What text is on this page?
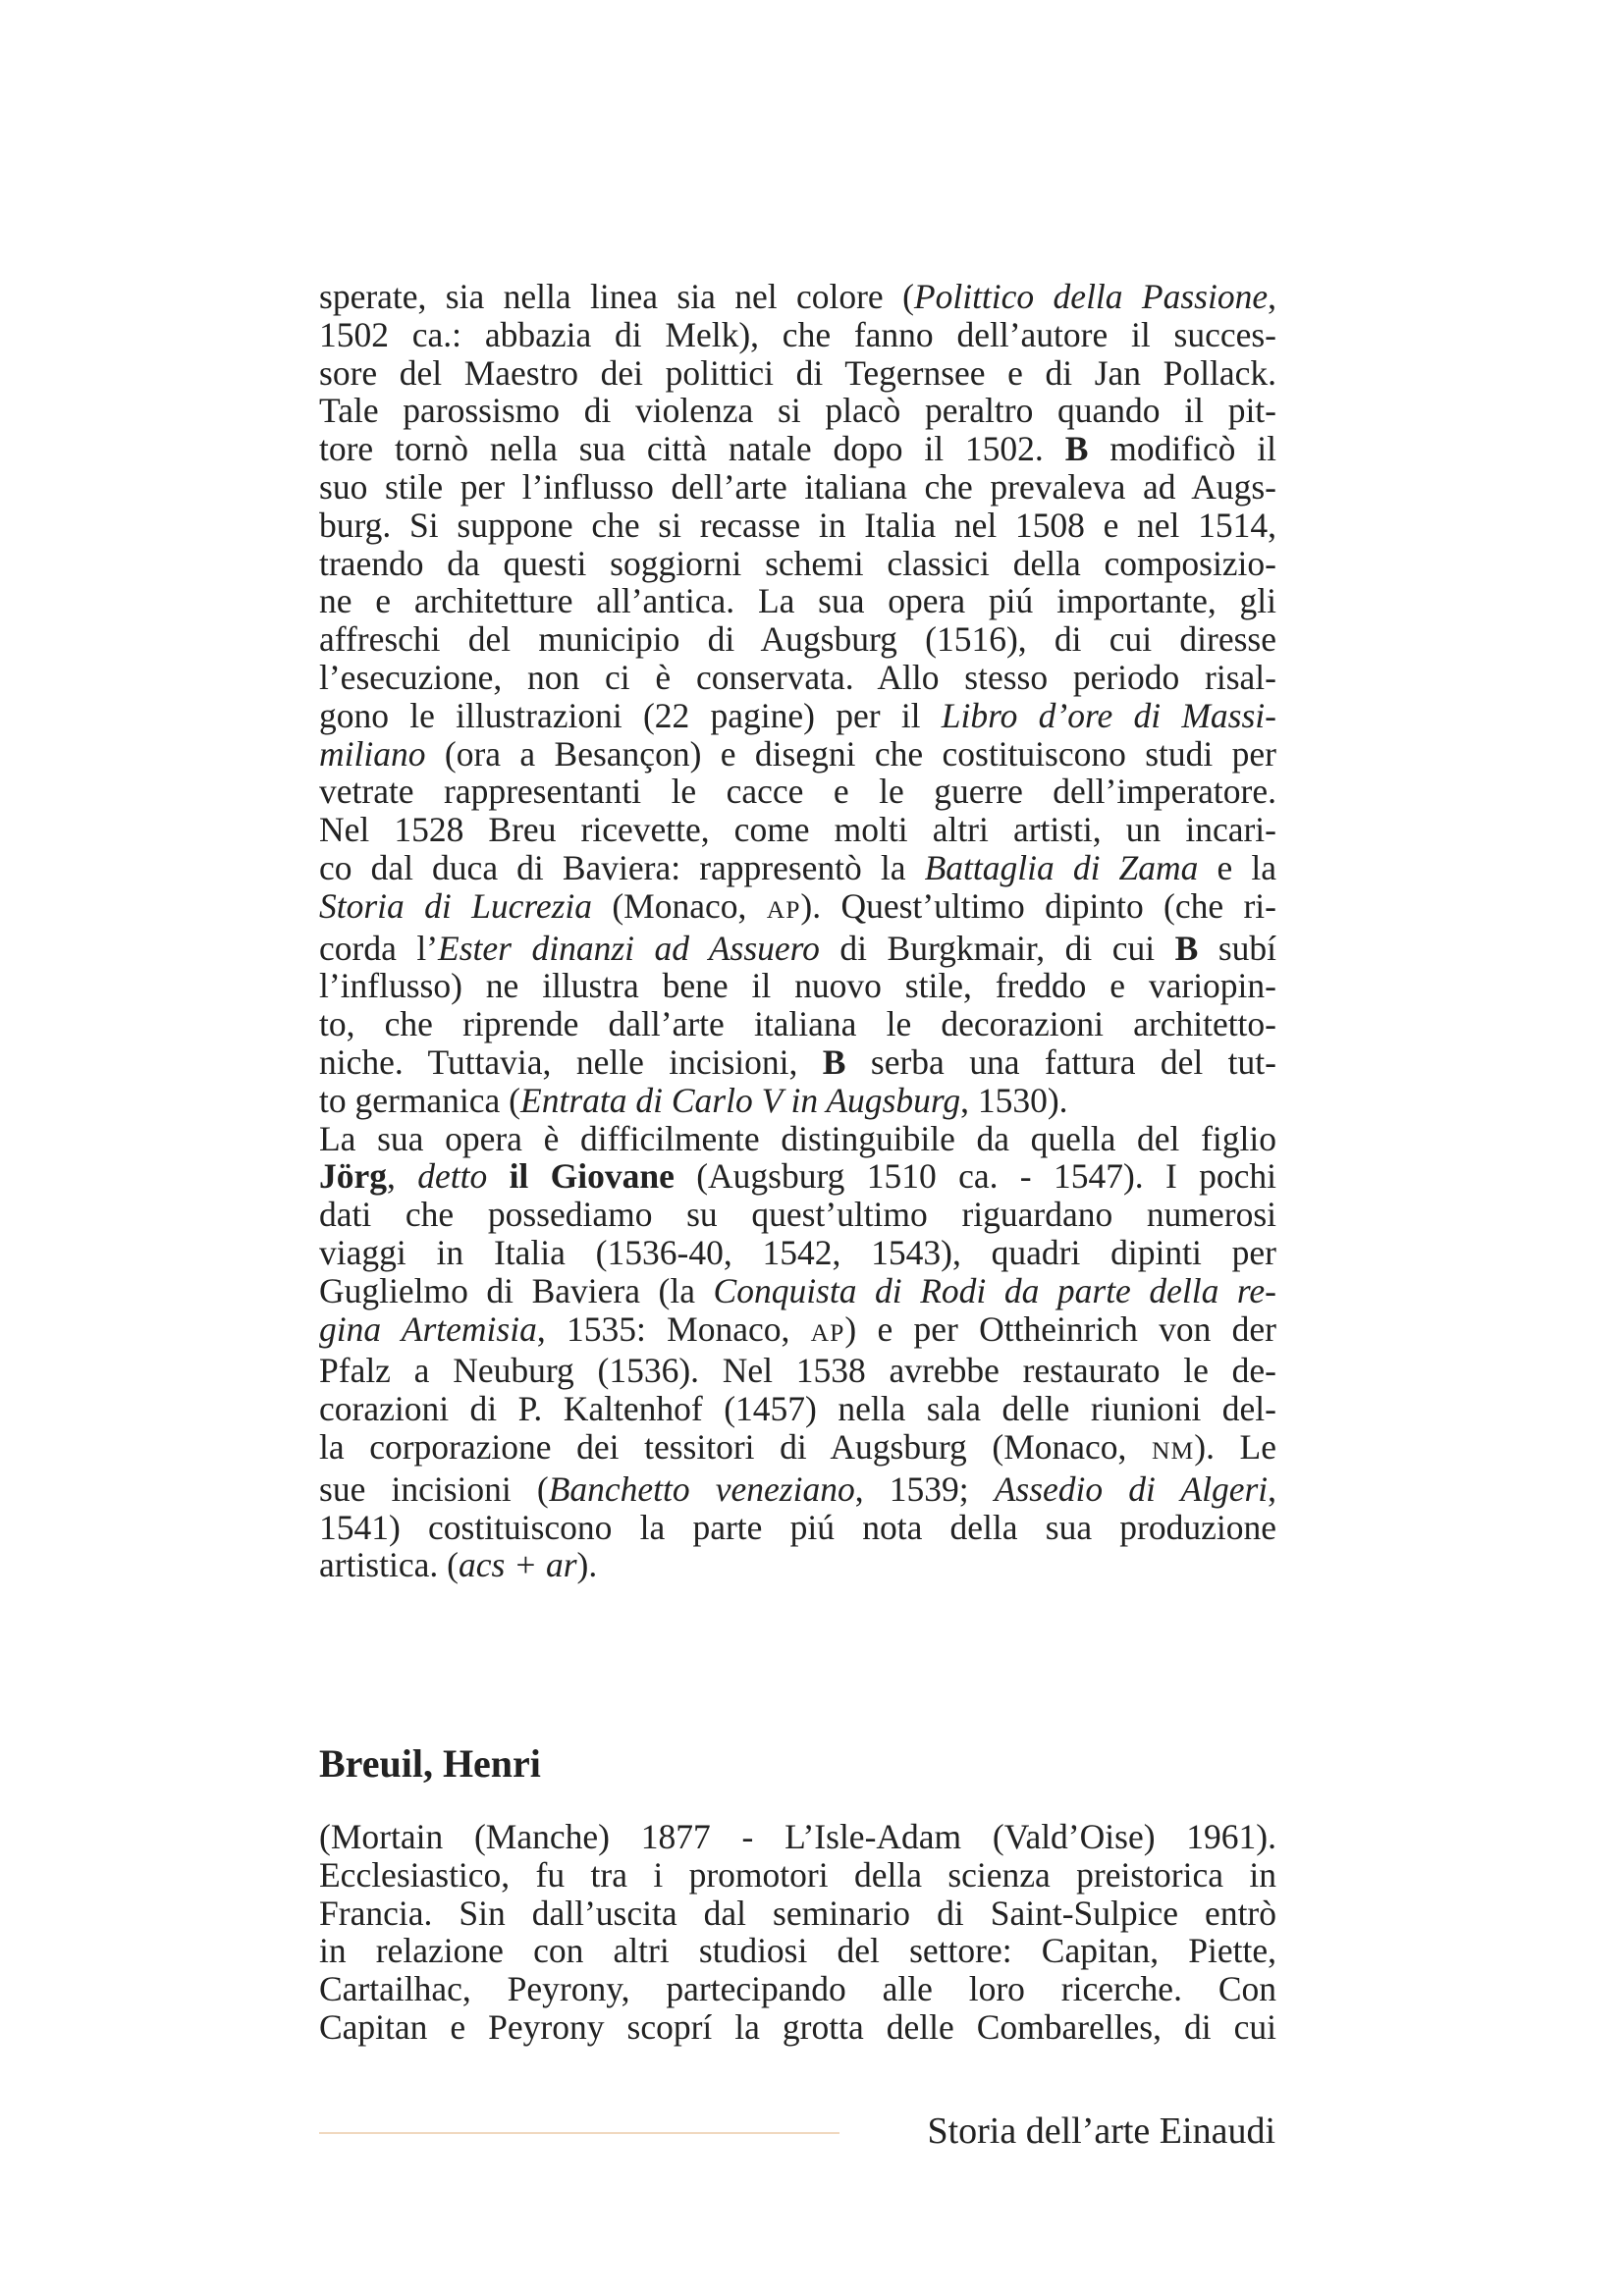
sperate, sia nella linea sia nel colore (Polittico della Passione,
1502 ca.: abbazia di Melk), che fanno dell’autore il succes-
sore del Maestro dei polittici di Tegernsee e di Jan Pollack.
Tale parossismo di violenza si placò peraltro quando il pit-
tore tornò nella sua città natale dopo il 1502. B modificò il
suo stile per l’influsso dell’arte italiana che prevaleva ad Augs-
burg. Si suppone che si recasse in Italia nel 1508 e nel 1514,
traendo da questi soggiorni schemi classici della composizio-
ne e architetture all’antica. La sua opera piú importante, gli
affreschi del municipio di Augsburg (1516), di cui diresse
l’esecuzione, non ci è conservata. Allo stesso periodo risal-
gono le illustrazioni (22 pagine) per il Libro d’ore di Massi-
miliano (ora a Besançon) e disegni che costituiscono studi per
vetrate rappresentanti le cacce e le guerre dell’imperatore.
Nel 1528 Breu ricevette, come molti altri artisti, un incari-
co dal duca di Baviera: rappresentò la Battaglia di Zama e la
Storia di Lucrezia (Monaco, AP). Quest’ultimo dipinto (che ri-
corda l’Ester dinanzi ad Assuero di Burgkmair, di cui B subí
l’influsso) ne illustra bene il nuovo stile, freddo e variopin-
to, che riprende dall’arte italiana le decorazioni architetto-
niche. Tuttavia, nelle incisioni, B serba una fattura del tut-
to germanica (Entrata di Carlo V in Augsburg, 1530).
La sua opera è difficilmente distinguibile da quella del figlio
Jörg, detto il Giovane (Augsburg 1510 ca. - 1547). I pochi
dati che possediamo su quest’ultimo riguardano numerosi
viaggi in Italia (1536-40, 1542, 1543), quadri dipinti per
Guglielmo di Baviera (la Conquista di Rodi da parte della re-
gina Artemisia, 1535: Monaco, AP) e per Ottheinrich von der
Pfalz a Neuburg (1536). Nel 1538 avrebbe restaurato le de-
corazioni di P. Kaltenhof (1457) nella sala delle riunioni del-
la corporazione dei tessitori di Augsburg (Monaco, NM). Le
sue incisioni (Banchetto veneziano, 1539; Assedio di Algeri,
1541) costituiscono la parte piú nota della sua produzione
artistica. (acs + ar).
Breuil, Henri
(Mortain (Manche) 1877 - L’Isle-Adam (Vald’Oise) 1961).
Ecclesiastico, fu tra i promotori della scienza preistorica in
Francia. Sin dall’uscita dal seminario di Saint-Sulpice entrò
in relazione con altri studiosi del settore: Capitan, Piette,
Cartailhac, Peyrony, partecipando alle loro ricerche. Con
Capitan e Peyrony scoprí la grotta delle Combarelles, di cui
Storia dell’arte Einaudi
